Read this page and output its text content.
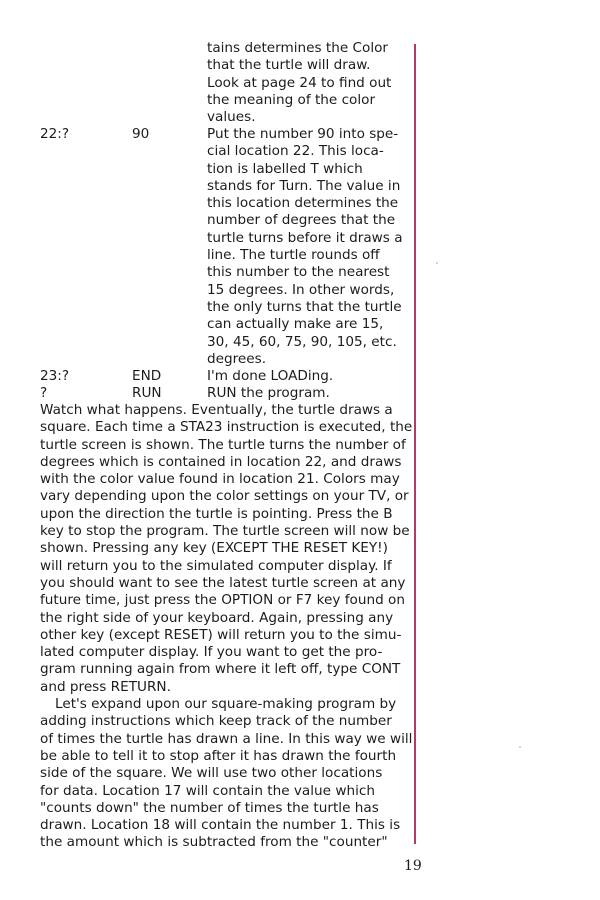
tains determines the Color
that the turtle will draw.
Look at page 24 to find out
the meaning of the color
values.
22:?	90	Put the number 90 into spe-
cial location 22. This loca-
tion is labelled T which
stands for Turn. The value in
this location determines the
number of degrees that the
turtle turns before it draws a
line. The turtle rounds off
this number to the nearest
15 degrees. In other words,
the only turns that the turtle
can actually make are 15,
30, 45, 60, 75, 90, 105, etc.
degrees.
23:?	END	I'm done LOADing.
?	RUN	RUN the program.
Watch what happens. Eventually, the turtle draws a
square. Each time a STA23 instruction is executed, the
turtle screen is shown. The turtle turns the number of
degrees which is contained in location 22, and draws
with the color value found in location 21. Colors may
vary depending upon the color settings on your TV, or
upon the direction the turtle is pointing. Press the B
key to stop the program. The turtle screen will now be
shown. Pressing any key (EXCEPT THE RESET KEY!)
will return you to the simulated computer display. If
you should want to see the latest turtle screen at any
future time, just press the OPTION or F7 key found on
the right side of your keyboard. Again, pressing any
other key (except RESET) will return you to the simu-
lated computer display. If you want to get the pro-
gram running again from where it left off, type CONT
and press RETURN.
Let's expand upon our square-making program by
adding instructions which keep track of the number
of times the turtle has drawn a line. In this way we will
be able to tell it to stop after it has drawn the fourth
side of the square. We will use two other locations
for data. Location 17 will contain the value which
"counts down" the number of times the turtle has
drawn. Location 18 will contain the number 1. This is
the amount which is subtracted from the "counter"
19
